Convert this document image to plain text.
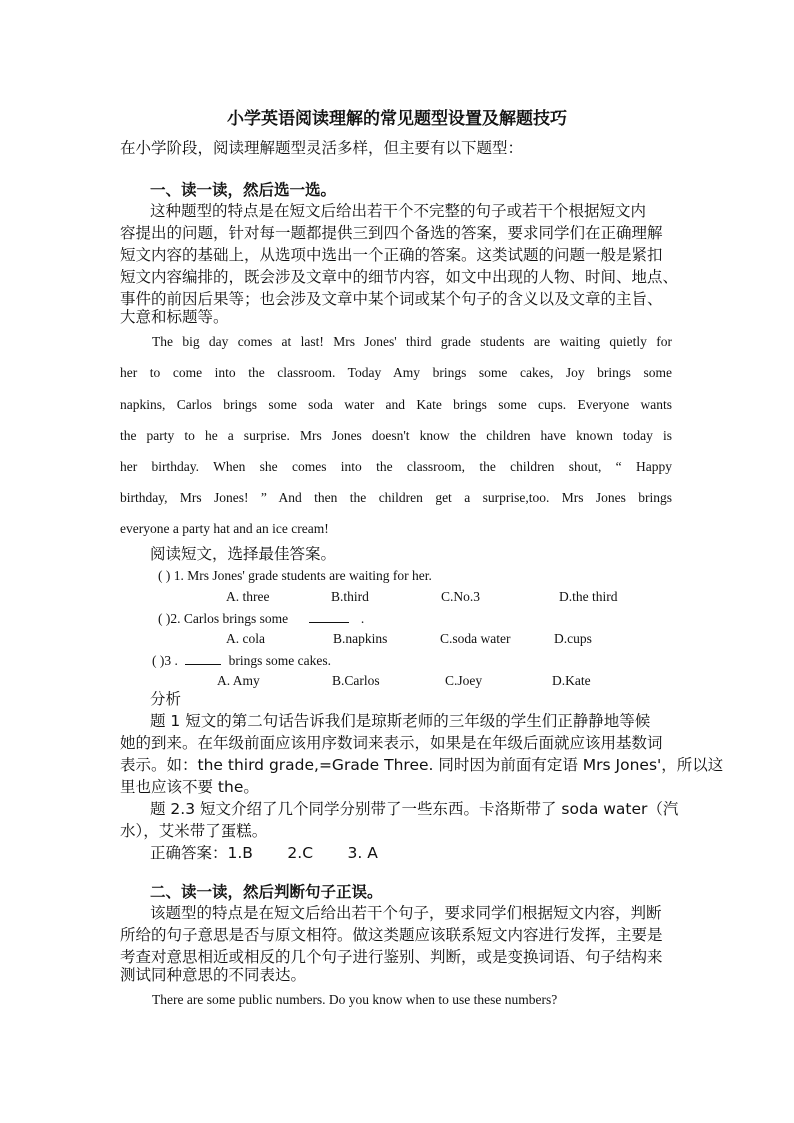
小学英语阅读理解的常见题型设置及解题技巧

在小学阶段，阅读理解题型灵活多样，但主要有以下题型：

一、读一读，然后选一选。

这种题型的特点是在短文后给出若干个不完整的句子或若干个根据短文内

容提出的问题，针对每一题都提供三到四个备选的答案，要求同学们在正确理解

短文内容的基础上，从选项中选出一个正确的答案。这类试题的问题一般是紧扣

短文内容编排的，既会涉及文章中的细节内容，如文中出现的人物、时间、地点、

事件的前因后果等；也会涉及文章中某个词或某个句子的含义以及文章的主旨、

大意和标题等。

The big day comes at last! Mrs Jones' third grade students are waiting quietly for

her to come into the classroom. Today Amy brings some cakes, Joy brings some

napkins, Carlos brings some soda water and Kate brings some cups. Everyone wants

the party to he a surprise. Mrs Jones doesn't know the children have known today is

her birthday. When she comes into the classroom, the children shout, “ Happy

birthday, Mrs Jones! ” And then the children get a surprise,too. Mrs Jones brings

everyone a party hat and an ice cream!

阅读短文，选择最佳答案。

( ) 1. Mrs Jones' grade students are waiting for her.

A. three	B.third	C.No.3	D.the third

( )2. Carlos brings some	.

A. cola	B.napkins	C.soda water	D.cups

( )3 .	brings some cakes.

A. Amy	B.Carlos	C.Joey	D.Kate

分析

题 1 短文的第二句话告诉我们是琼斯老师的三年级的学生们正静静地等候

她的到来。在年级前面应该用序数词来表示，如果是在年级后面就应该用基数词

表示。如：the third grade,=Grade Three. 同时因为前面有定语 Mrs Jones'，所以这

里也应该不要 the。

题 2.3 短文介绍了几个同学分别带了一些东西。卡洛斯带了 soda water（汽

水），艾米带了蛋糕。

正确答案：1.B       2.C       3. A

二、读一读，然后判断句子正误。

该题型的特点是在短文后给出若干个句子，要求同学们根据短文内容，判断

所给的句子意思是否与原文相符。做这类题应该联系短文内容进行发挥，主要是

考查对意思相近或相反的几个句子进行鉴别、判断，或是变换词语、句子结构来

测试同种意思的不同表达。

There are some public numbers. Do you know when to use these numbers?
